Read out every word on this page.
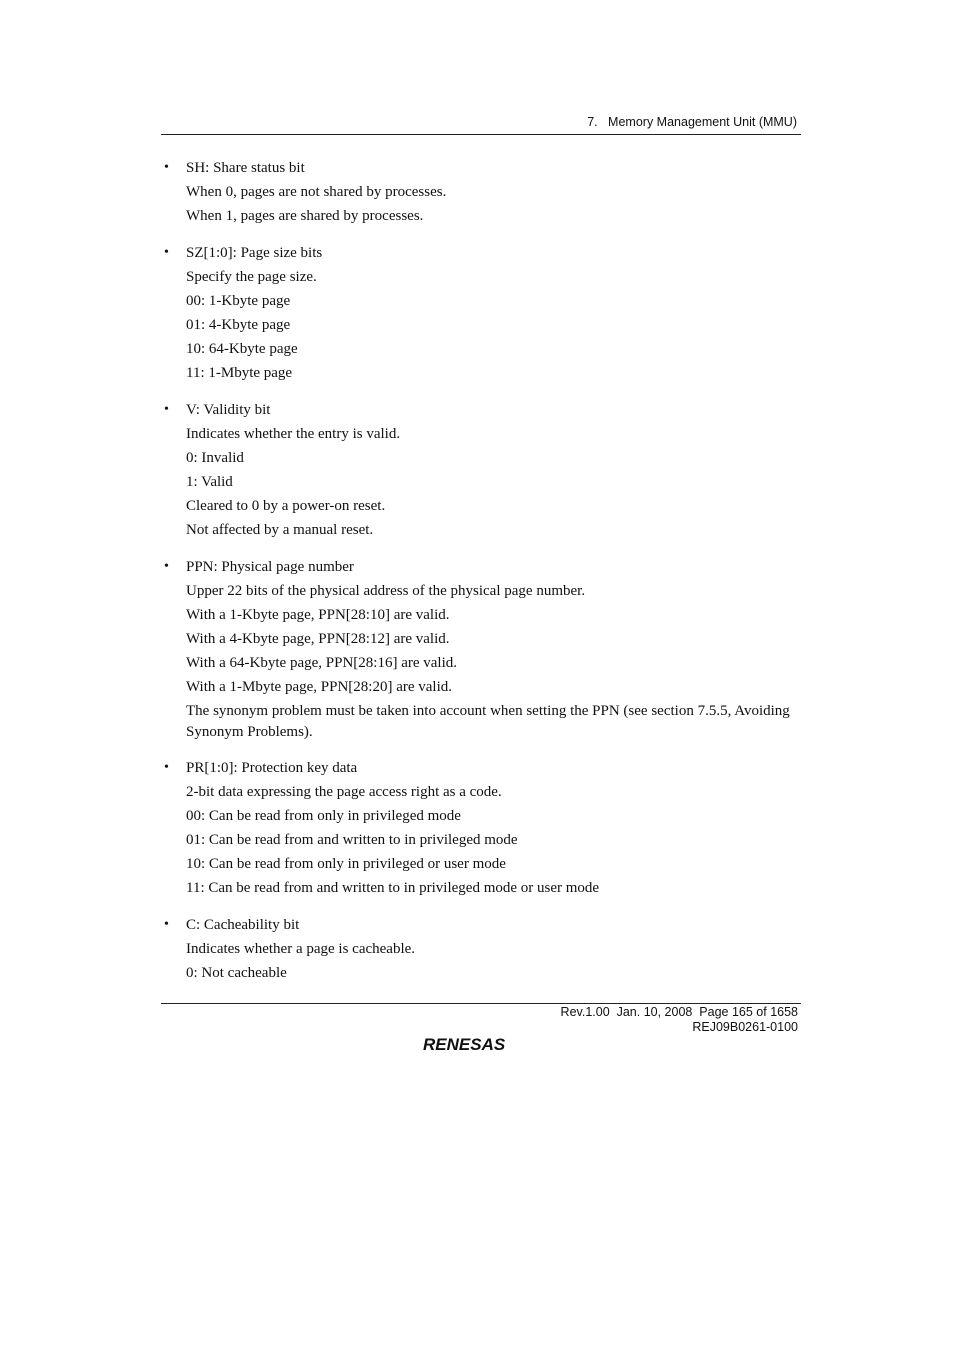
7.   Memory Management Unit (MMU)
• SH: Share status bit
When 0, pages are not shared by processes.
When 1, pages are shared by processes.
• SZ[1:0]: Page size bits
Specify the page size.
00: 1-Kbyte page
01: 4-Kbyte page
10: 64-Kbyte page
11: 1-Mbyte page
• V: Validity bit
Indicates whether the entry is valid.
0: Invalid
1: Valid
Cleared to 0 by a power-on reset.
Not affected by a manual reset.
• PPN: Physical page number
Upper 22 bits of the physical address of the physical page number.
With a 1-Kbyte page, PPN[28:10] are valid.
With a 4-Kbyte page, PPN[28:12] are valid.
With a 64-Kbyte page, PPN[28:16] are valid.
With a 1-Mbyte page, PPN[28:20] are valid.
The synonym problem must be taken into account when setting the PPN (see section 7.5.5, Avoiding Synonym Problems).
• PR[1:0]: Protection key data
2-bit data expressing the page access right as a code.
00: Can be read from only in privileged mode
01: Can be read from and written to in privileged mode
10: Can be read from only in privileged or user mode
11: Can be read from and written to in privileged mode or user mode
• C: Cacheability bit
Indicates whether a page is cacheable.
0: Not cacheable
Rev.1.00  Jan. 10, 2008  Page 165 of 1658
REJ09B0261-0100
RENESAS
